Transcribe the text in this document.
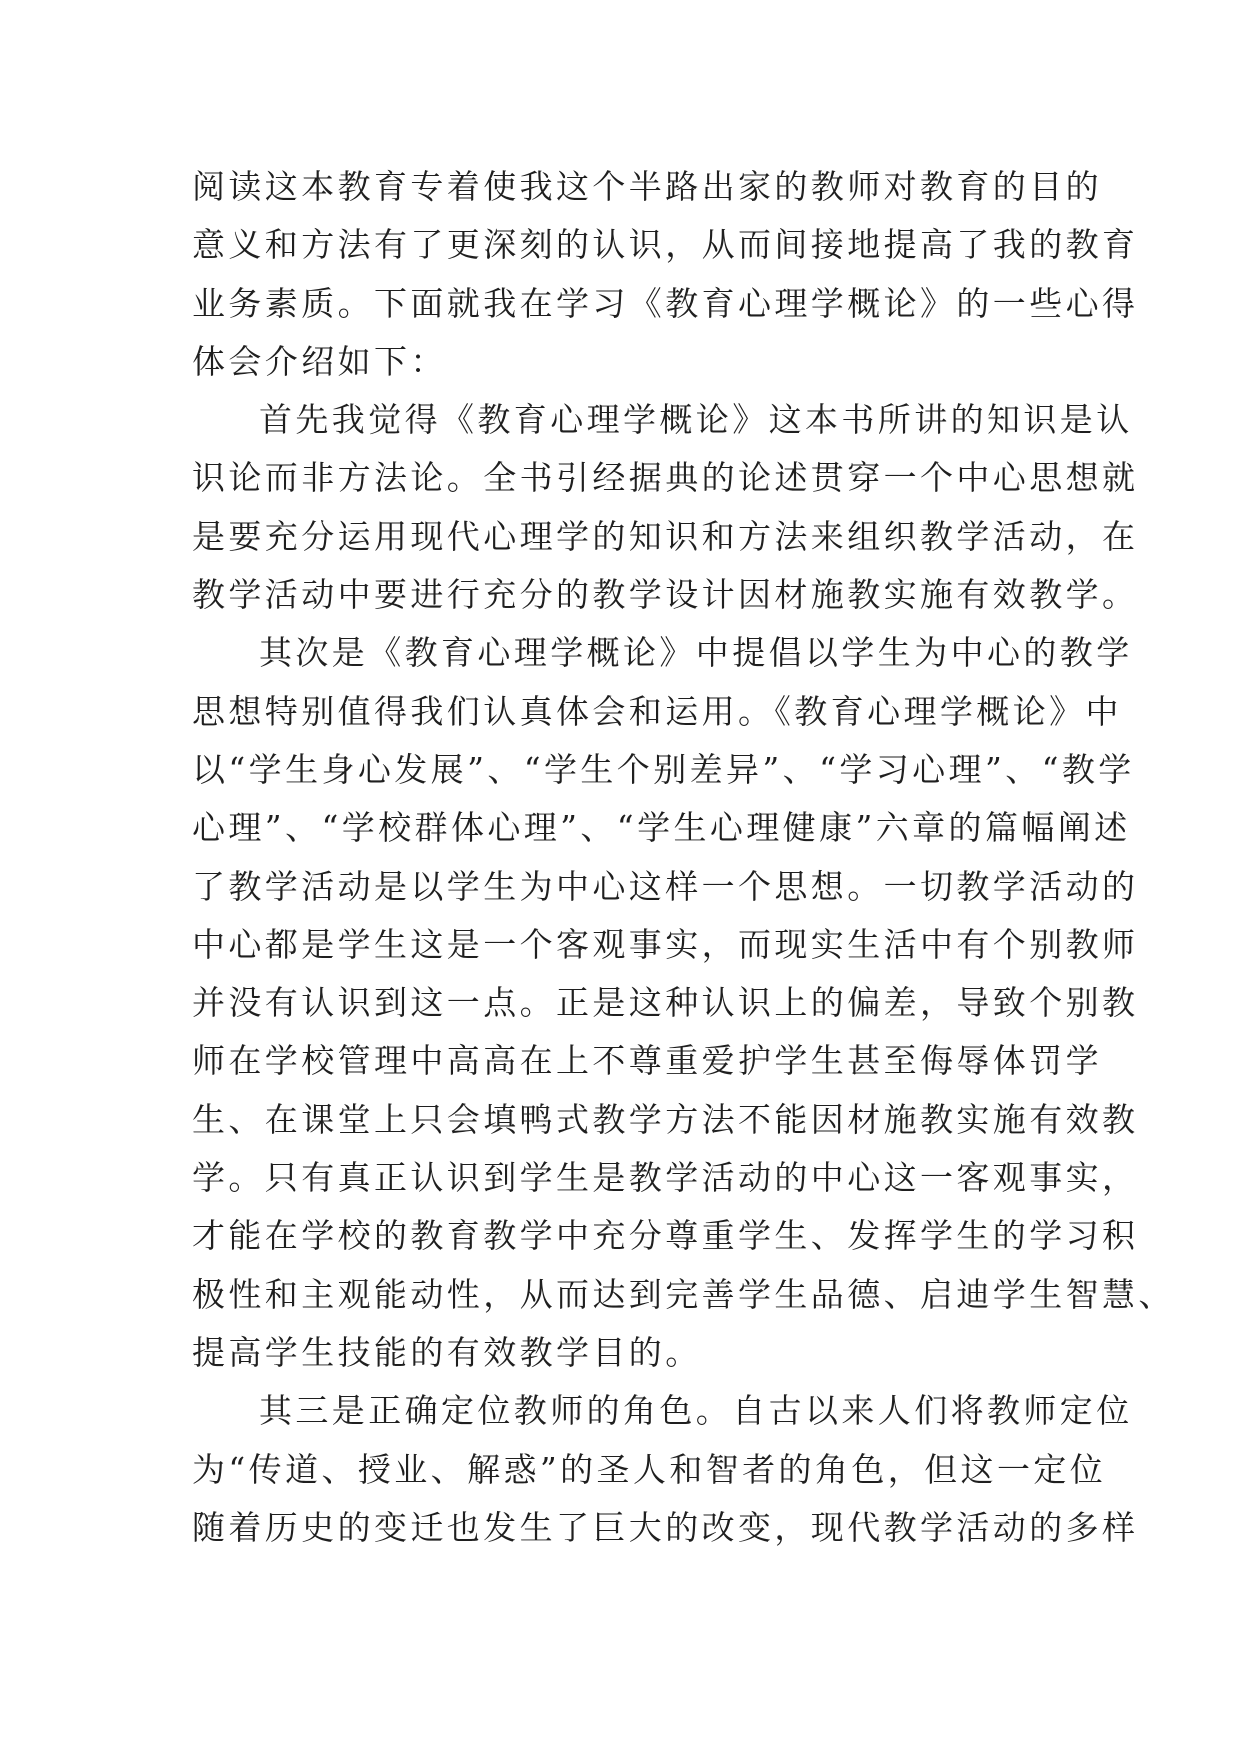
阅读这本教育专着使我这个半路出家的教师对教育的目的
意义和方法有了更深刻的认识，从而间接地提高了我的教育
业务素质。下面就我在学习《教育心理学概论》的一些心得
体会介绍如下：
首先我觉得《教育心理学概论》这本书所讲的知识是认
识论而非方法论。全书引经据典的论述贯穿一个中心思想就
是要充分运用现代心理学的知识和方法来组织教学活动，在
教学活动中要进行充分的教学设计因材施教实施有效教学。
其次是《教育心理学概论》中提倡以学生为中心的教学
思想特别值得我们认真体会和运用。《教育心理学概论》中
以“学生身心发展”、“学生个别差异”、“学习心理”、“教学
心理”、“学校群体心理”、“学生心理健康”六章的篇幅阐述
了教学活动是以学生为中心这样一个思想。一切教学活动的
中心都是学生这是一个客观事实，而现实生活中有个别教师
并没有认识到这一点。正是这种认识上的偏差，导致个别教
师在学校管理中高高在上不尊重爱护学生甚至侮辱体罚学
生、在课堂上只会填鸭式教学方法不能因材施教实施有效教
学。只有真正认识到学生是教学活动的中心这一客观事实，
才能在学校的教育教学中充分尊重学生、发挥学生的学习积
极性和主观能动性，从而达到完善学生品德、启迪学生智慧、
提高学生技能的有效教学目的。
其三是正确定位教师的角色。自古以来人们将教师定位
为“传道、授业、解惑”的圣人和智者的角色，但这一定位
随着历史的变迁也发生了巨大的改变，现代教学活动的多样
